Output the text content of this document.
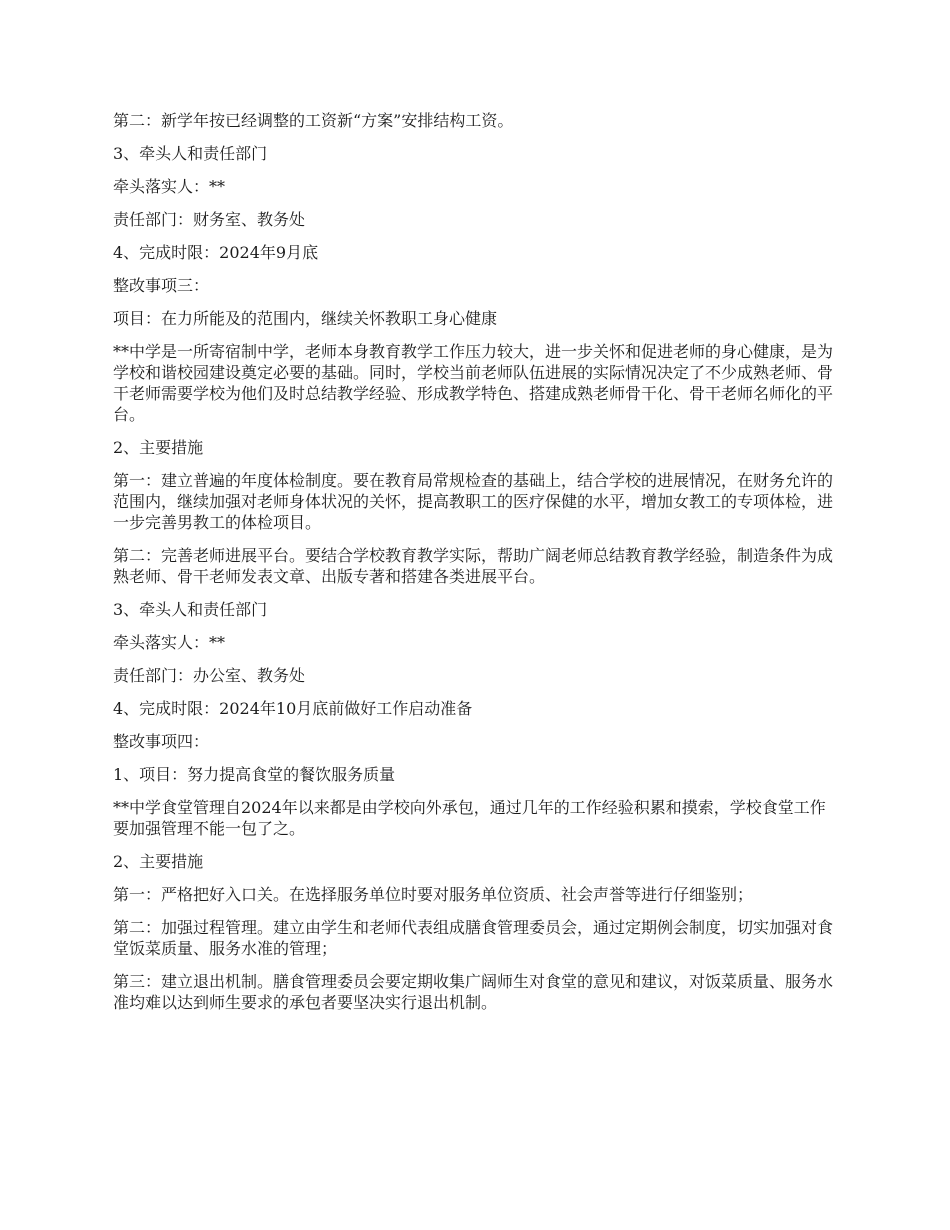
第二：新学年按已经调整的工资新“方案”安排结构工资。

3、牵头人和责任部门

牵头落实人：**

责任部门：财务室、教务处

4、完成时限：2024年9月底

整改事项三：

项目：在力所能及的范围内，继续关怀教职工身心健康

**中学是一所寄宿制中学，老师本身教育教学工作压力较大，进一步关怀和促进老师的身心健康，是为学校和谐校园建设奠定必要的基础。同时，学校当前老师队伍进展的实际情况决定了不少成熟老师、骨干老师需要学校为他们及时总结教学经验、形成教学特色、搭建成熟老师骨干化、骨干老师名师化的平台。

2、主要措施

第一：建立普遍的年度体检制度。要在教育局常规检查的基础上，结合学校的进展情况，在财务允许的范围内，继续加强对老师身体状况的关怀，提高教职工的医疗保健的水平，增加女教工的专项体检，进一步完善男教工的体检项目。

第二：完善老师进展平台。要结合学校教育教学实际，帮助广阔老师总结教育教学经验，制造条件为成熟老师、骨干老师发表文章、出版专著和搭建各类进展平台。

3、牵头人和责任部门

牵头落实人：**

责任部门：办公室、教务处

4、完成时限：2024年10月底前做好工作启动准备

整改事项四：

1、项目：努力提高食堂的餐饮服务质量

**中学食堂管理自2024年以来都是由学校向外承包，通过几年的工作经验积累和摸索，学校食堂工作要加强管理不能一包了之。

2、主要措施

第一：严格把好入口关。在选择服务单位时要对服务单位资质、社会声誉等进行仔细鉴别；

第二：加强过程管理。建立由学生和老师代表组成膳食管理委员会，通过定期例会制度，切实加强对食堂饭菜质量、服务水准的管理；

第三：建立退出机制。膳食管理委员会要定期收集广阔师生对食堂的意见和建议，对饭菜质量、服务水准均难以达到师生要求的承包者要坚决实行退出机制。
